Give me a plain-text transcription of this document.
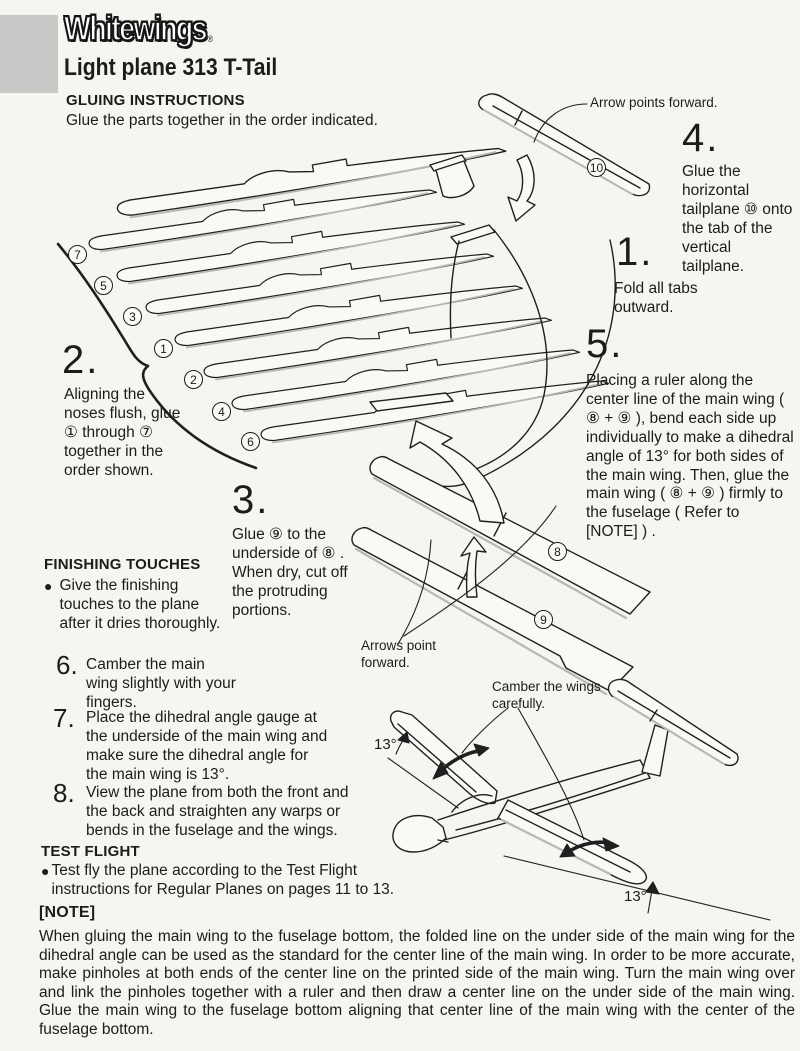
Whitewings ®
Light plane 313 T-Tail
GLUING INSTRUCTIONS
Glue the parts together in the order indicated.
1.
Fold all tabs outward.
2.
Aligning the noses flush, glue ① through ⑦ together in the order shown.
3.
Glue ⑨ to the underside of ⑧ . When dry, cut off the protruding portions.
4.
Glue the horizontal tailplane ⑩ onto the tab of the vertical tailplane.
5.
Placing a ruler along the center line of the main wing ( ⑧ + ⑨ ), bend each side up individually to make a dihedral angle of 13° for both sides of the main wing. Then, glue the main wing ( ⑧ + ⑨ ) firmly to the fuselage ( Refer to [NOTE] ) .
7
5
3
1
2
4
6
8
9
10
Arrow points forward.
Arrows point forward.
Camber the wings carefully.
13°
13°
FINISHING TOUCHES
● Give the finishing touches to the plane after it dries thoroughly.
6. Camber the main wing slightly with your fingers.
7. Place the dihedral angle gauge at the underside of the main wing and make sure the dihedral angle for the main wing is 13°.
8. View the plane from both the front and the back and straighten any warps or bends in the fuselage and the wings.
TEST FLIGHT
● Test fly the plane according to the Test Flight instructions for Regular Planes on pages 11 to 13.
[NOTE]
When gluing the main wing to the fuselage bottom, the folded line on the under side of the main wing for the dihedral angle can be used as the standard for the center line of the main wing. In order to be more accurate, make pinholes at both ends of the center line on the printed side of the main wing. Turn the main wing over and link the pinholes together with a ruler and then draw a center line on the under side of the main wing. Glue the main wing to the fuselage bottom aligning that center line of the main wing with the center of the fuselage bottom.
